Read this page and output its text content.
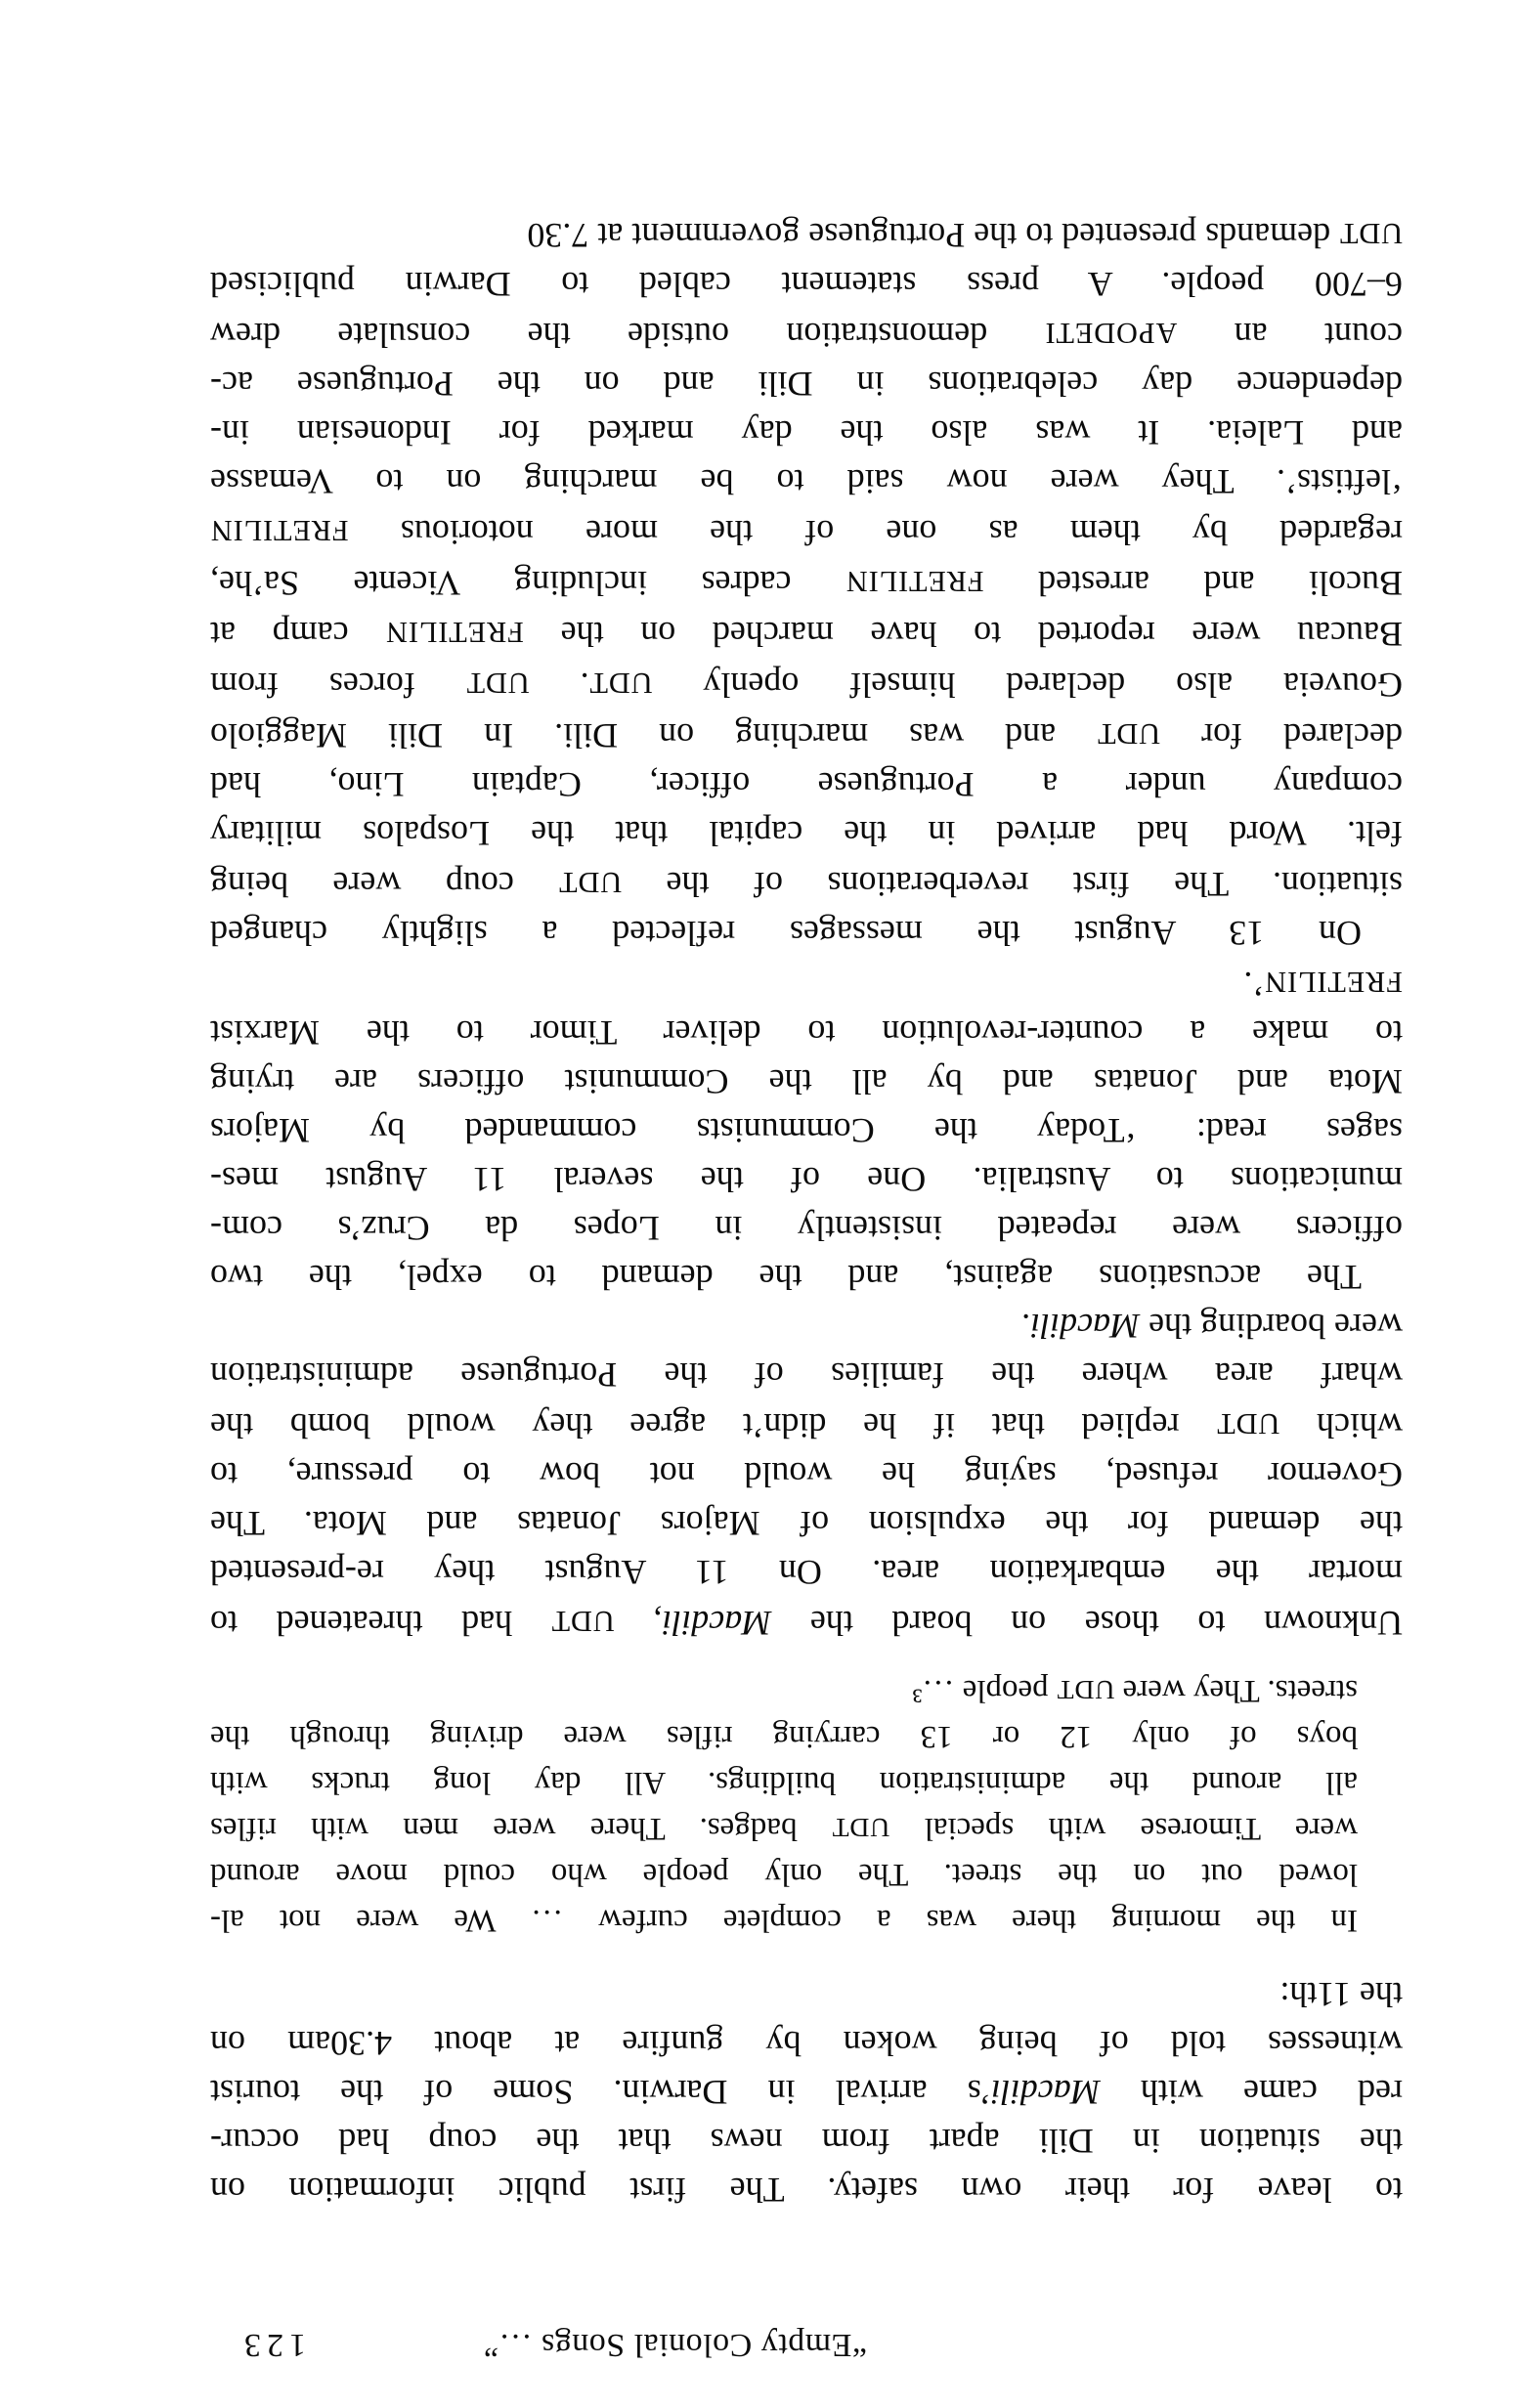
“Empty Colonial Songs …”
123
to leave for their own safety. The first public information on
the situation in Dili apart from news that the coup had occur-
red came with Macdili’s arrival in Darwin. Some of the tourist
witnesses told of being woken by gunfire at about 4.30am on
the 11th:
In the morning there was a complete curfew … We were not al-
lowed out on the street. The only people who could move around
were Timorese with special UDT badges. There were men with rifles
all around the administration buildings. All day long trucks with
boys of only 12 or 13 carrying rifles were driving through the
streets. They were UDT people …³
Unknown to those on board the Macdili, UDT had threatened to
mortar the embarkation area. On 11 August they re-presented
the demand for the expulsion of Majors Jonatas and Mota. The
Governor refused, saying he would not bow to pressure, to
which UDT replied that if he didn’t agree they would bomb the
wharf area where the families of the Portuguese administration
were boarding the Macdili.
The accusations against, and the demand to expel, the two
officers were repeated insistently in Lopes da Cruz’s com-
munications to Australia. One of the several 11 August mes-
sages read: ‘Today the Communists commanded by Majors
Mota and Jonatas and by all the Communist officers are trying
to make a counter-revolution to deliver Timor to the Marxist
FRETILIN’.
On 13 August the messages reflected a slightly changed
situation. The first reverberations of the UDT coup were being
felt. Word had arrived in the capital that the Lospalos military
company under a Portuguese officer, Captain Lino, had
declared for UDT and was marching on Dili. In Dili Maggiolo
Gouveia also declared himself openly UDT. UDT forces from
Baucau were reported to have marched on the FRETILIN camp at
Bucoli and arrested FRETILIN cadres including Vicente Sa’he,
regarded by them as one of the more notorious FRETILIN
‘leftists’. They were now said to be marching on to Vemasse
and Laleia. It was also the day marked for Indonesian in-
dependence day celebrations in Dili and on the Portuguese ac-
count an APODETI demonstration outside the consulate drew
6–700 people. A press statement cabled to Darwin publicised
UDT demands presented to the Portuguese government at 7.30
